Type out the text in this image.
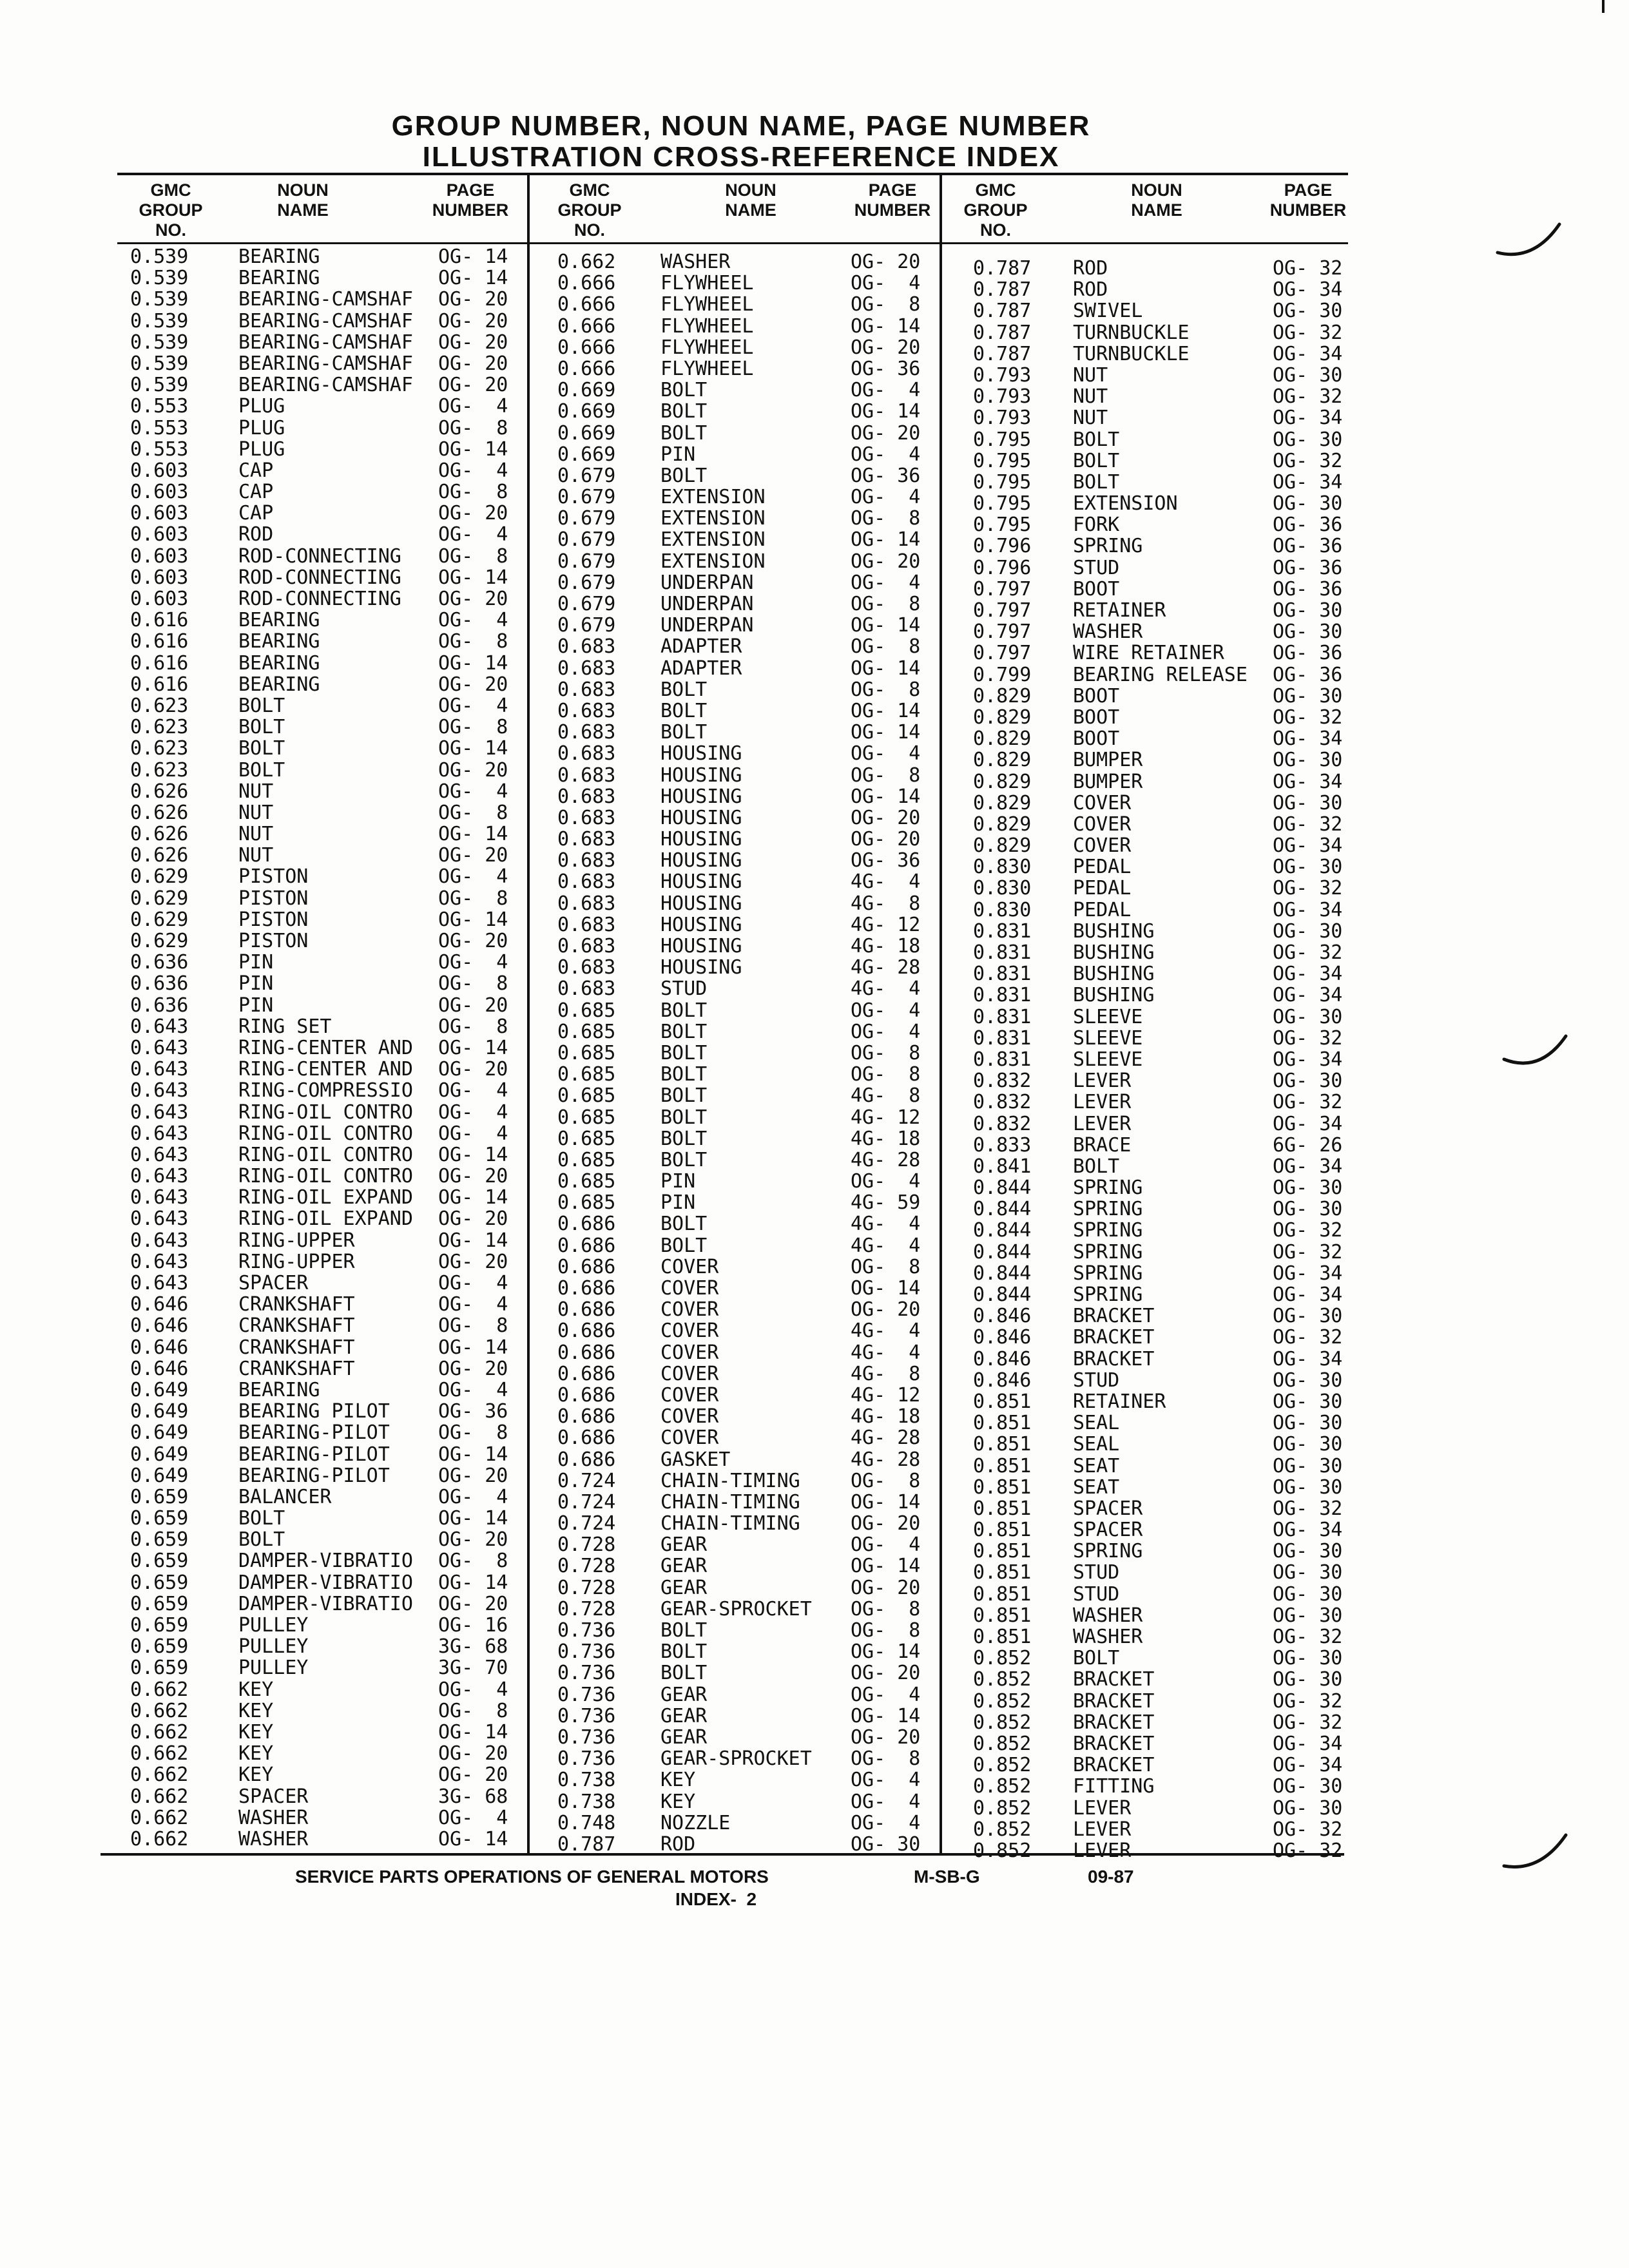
GROUP NUMBER, NOUN NAME, PAGE NUMBER
ILLUSTRATION CROSS-REFERENCE INDEX
GMC
GROUP NO.
NOUN
NAME
PAGE
NUMBER
0.539	BEARING	OG- 14
0.539	BEARING	OG- 14
0.539	BEARING-CAMSHAF OG- 20
0.539	BEARING-CAMSHAF OG- 20
0.539	BEARING-CAMSHAF OG- 20
0.539	BEARING-CAMSHAF OG- 20
0.539	BEARING-CAMSHAF OG- 20
0.553	PLUG	OG-  4
0.553	PLUG	OG-  8
0.553	PLUG	OG- 14
0.603	CAP	OG-  4
0.603	CAP	OG-  8
0.603	CAP	OG- 20
0.603	ROD	OG-  4
0.603	ROD-CONNECTING OG-  8
0.603	ROD-CONNECTING OG- 14
0.603	ROD-CONNECTING OG- 20
0.616	BEARING	OG-  4
0.616	BEARING	OG-  8
0.616	BEARING	OG- 14
0.616	BEARING	OG- 20
0.623	BOLT	OG-  4
0.623	BOLT	OG-  8
0.623	BOLT	OG- 14
0.623	BOLT	OG- 20
0.626	NUT	OG-  4
0.626	NUT	OG-  8
0.626	NUT	OG- 14
0.626	NUT	OG- 20
0.629	PISTON	OG-  4
0.629	PISTON	OG-  8
0.629	PISTON	OG- 14
0.629	PISTON	OG- 20
0.636	PIN	OG-  4
0.636	PIN	OG-  8
0.636	PIN	OG- 20
0.643	RING SET	OG-  8
0.643	RING-CENTER AND OG- 14
0.643	RING-CENTER AND OG- 20
0.643	RING-COMPRESSIO OG-  4
0.643	RING-OIL CONTRO OG-  4
0.643	RING-OIL CONTRO OG-  4
0.643	RING-OIL CONTRO OG- 14
0.643	RING-OIL CONTRO OG- 20
0.643	RING-OIL EXPAND OG- 14
0.643	RING-OIL EXPAND OG- 20
0.643	RING-UPPER	OG- 14
0.643	RING-UPPER	OG- 20
0.643	SPACER	OG-  4
0.646	CRANKSHAFT	OG-  4
0.646	CRANKSHAFT	OG-  8
0.646	CRANKSHAFT	OG- 14
0.646	CRANKSHAFT	OG- 20
0.649	BEARING	OG-  4
0.649	BEARING PILOT	OG- 36
0.649	BEARING-PILOT	OG-  8
0.649	BEARING-PILOT	OG- 14
0.649	BEARING-PILOT	OG- 20
0.659	BALANCER	OG-  4
0.659	BOLT	OG- 14
0.659	BOLT	OG- 20
0.659	DAMPER-VIBRATIO OG-  8
0.659	DAMPER-VIBRATIO OG- 14
0.659	DAMPER-VIBRATIO OG- 20
0.659	PULLEY	OG- 16
0.659	PULLEY	3G- 68
0.659	PULLEY	3G- 70
0.662	KEY	OG-  4
0.662	KEY	OG-  8
0.662	KEY	OG- 14
0.662	KEY	OG- 20
0.662	KEY	OG- 20
0.662	SPACER	3G- 68
0.662	WASHER	OG-  4
0.662	WASHER	OG- 14
GMC
GROUP NO.
NOUN
NAME
PAGE
NUMBER
0.662 WASHER	OG- 20
0.666 FLYWHEEL	OG-  4
0.666 FLYWHEEL	OG-  8
0.666 FLYWHEEL	OG- 14
0.666 FLYWHEEL	OG- 20
0.666 FLYWHEEL	OG- 36
0.669 BOLT	OG-  4
0.669 BOLT	OG- 14
0.669 BOLT	OG- 20
0.669 PIN	OG-  4
0.679 BOLT	OG- 36
0.679 EXTENSION	OG-  4
0.679 EXTENSION	OG-  8
0.679 EXTENSION	OG- 14
0.679 EXTENSION	OG- 20
0.679 UNDERPAN	OG-  4
0.679 UNDERPAN	OG-  8
0.679 UNDERPAN	OG- 14
0.683 ADAPTER	OG-  8
0.683 ADAPTER	OG- 14
0.683 BOLT	OG-  8
0.683 BOLT	OG- 14
0.683 BOLT	OG- 14
0.683 HOUSING	OG-  4
0.683 HOUSING	OG-  8
0.683 HOUSING	OG- 14
0.683 HOUSING	OG- 20
0.683 HOUSING	OG- 20
0.683 HOUSING	OG- 36
0.683 HOUSING	4G-  4
0.683 HOUSING	4G-  8
0.683 HOUSING	4G- 12
0.683 HOUSING	4G- 18
0.683 HOUSING	4G- 28
0.683 STUD	4G-  4
0.685 BOLT	OG-  4
0.685 BOLT	OG-  4
0.685 BOLT	OG-  8
0.685 BOLT	OG-  8
0.685 BOLT	4G-  8
0.685 BOLT	4G- 12
0.685 BOLT	4G- 18
0.685 BOLT	4G- 28
0.685 PIN	OG-  4
0.685 PIN	4G- 59
0.686 BOLT	4G-  4
0.686 BOLT	4G-  4
0.686 COVER	OG-  8
0.686 COVER	OG- 14
0.686 COVER	OG- 20
0.686 COVER	4G-  4
0.686 COVER	4G-  4
0.686 COVER	4G-  8
0.686 COVER	4G- 12
0.686 COVER	4G- 18
0.686 COVER	4G- 28
0.686 GASKET	4G- 28
0.724 CHAIN-TIMING	OG-  8
0.724 CHAIN-TIMING	OG- 14
0.724 CHAIN-TIMING	OG- 20
0.728 GEAR	OG-  4
0.728 GEAR	OG- 14
0.728 GEAR	OG- 20
0.728 GEAR-SPROCKET OG-  8
0.736 BOLT	OG-  8
0.736 BOLT	OG- 14
0.736 BOLT	OG- 20
0.736 GEAR	OG-  4
0.736 GEAR	OG- 14
0.736 GEAR	OG- 20
0.736 GEAR-SPROCKET OG-  8
0.738 KEY	OG-  4
0.738 KEY	OG-  4
0.748 NOZZLE	OG-  4
0.787 ROD	OG- 30
GMC
GROUP NO.
NOUN
NAME
PAGE
NUMBER
0.787 ROD	OG- 32
0.787 ROD	OG- 34
0.787 SWIVEL	OG- 30
0.787 TURNBUCKLE	OG- 32
0.787 TURNBUCKLE	OG- 34
0.793 NUT	OG- 30
0.793 NUT	OG- 32
0.793 NUT	OG- 34
0.795 BOLT	OG- 30
0.795 BOLT	OG- 32
0.795 BOLT	OG- 34
0.795 EXTENSION	OG- 30
0.795 FORK	OG- 36
0.796 SPRING	OG- 36
0.796 STUD	OG- 36
0.797 BOOT	OG- 36
0.797 RETAINER	OG- 30
0.797 WASHER	OG- 30
0.797 WIRE RETAINER	OG- 36
0.799 BEARING RELEASE OG- 36
0.829 BOOT	OG- 30
0.829 BOOT	OG- 32
0.829 BOOT	OG- 34
0.829 BUMPER	OG- 30
0.829 BUMPER	OG- 34
0.829 COVER	OG- 30
0.829 COVER	OG- 32
0.829 COVER	OG- 34
0.830 PEDAL	OG- 30
0.830 PEDAL	OG- 32
0.830 PEDAL	OG- 34
0.831 BUSHING	OG- 30
0.831 BUSHING	OG- 32
0.831 BUSHING	OG- 34
0.831 BUSHING	OG- 34
0.831 SLEEVE	OG- 30
0.831 SLEEVE	OG- 32
0.831 SLEEVE	OG- 34
0.832 LEVER	OG- 30
0.832 LEVER	OG- 32
0.832 LEVER	OG- 34
0.833 BRACE	6G- 26
0.841 BOLT	OG- 34
0.844 SPRING	OG- 30
0.844 SPRING	OG- 30
0.844 SPRING	OG- 32
0.844 SPRING	OG- 32
0.844 SPRING	OG- 34
0.844 SPRING	OG- 34
0.846 BRACKET	OG- 30
0.846 BRACKET	OG- 32
0.846 BRACKET	OG- 34
0.846 STUD	OG- 30
0.851 RETAINER	OG- 30
0.851 SEAL	OG- 30
0.851 SEAL	OG- 30
0.851 SEAT	OG- 30
0.851 SEAT	OG- 30
0.851 SPACER	OG- 32
0.851 SPACER	OG- 34
0.851 SPRING	OG- 30
0.851 STUD	OG- 30
0.851 STUD	OG- 30
0.851 WASHER	OG- 30
0.851 WASHER	OG- 32
0.852 BOLT	OG- 30
0.852 BRACKET	OG- 30
0.852 BRACKET	OG- 32
0.852 BRACKET	OG- 32
0.852 BRACKET	OG- 34
0.852 BRACKET	OG- 34
0.852 FITTING	OG- 30
0.852 LEVER	OG- 30
0.852 LEVER	OG- 32
0.852 LEVER	OG- 32
SERVICE PARTS OPERATIONS OF GENERAL MOTORS	M-SB-G	09-87
INDEX-  2
